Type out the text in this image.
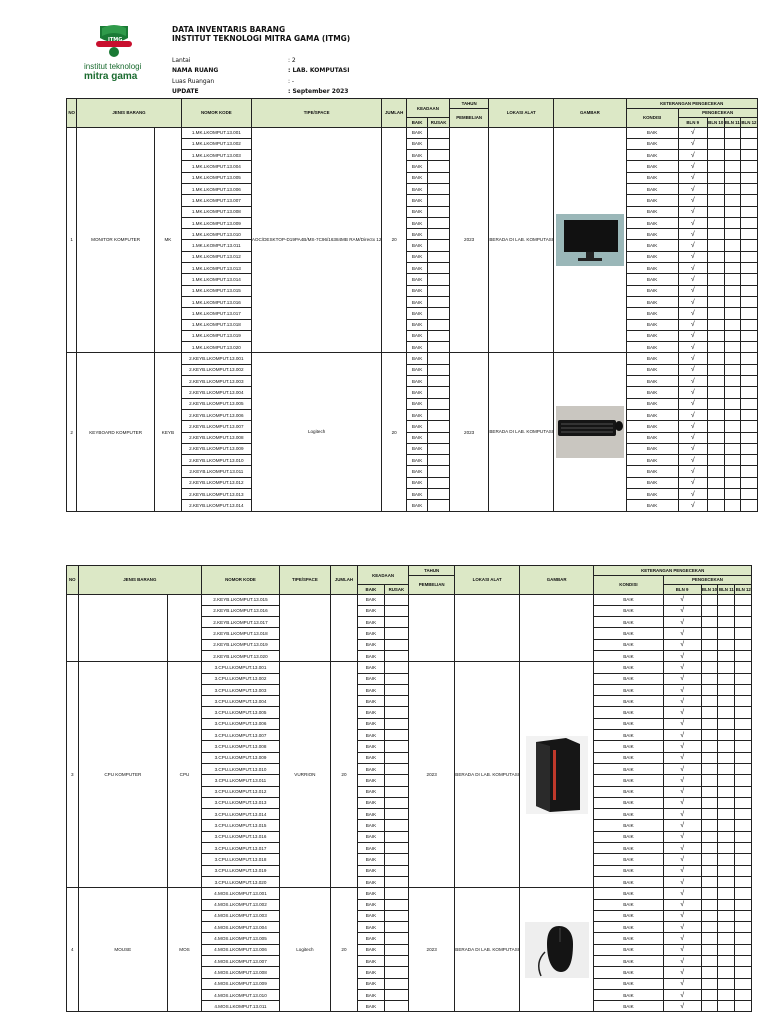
ITMG
institut teknologi
mitra gama
DATA INVENTARIS BARANG
INSTITUT TEKNOLOGI MITRA GAMA (ITMG)
Lantai	: 2
NAMA RUANG	: LAB. KOMPUTASI
Luas Ruangan	: -
UPDATE	: September 2023
NO	JENIS BARANG		NOMOR KODE	TIPE/SPACE	JUMLAH	KEADAAN		TAHUN	LOKASI ALAT	GAMBAR	KETERANGAN PENGECEKAN				
								PEMBELIAN			KONDISI	PENGECEKAN			
						BAIK	RUSAK					BLN 9	BLN 10	BLN 11	BLN 12
1	MONITOR KOMPUTER	MK	1.MK.LKOMPUT.13.001	AOC/DESKTOP-D19PA4B/MS-7C96/16384MB RAM/Directx 12	20	BAIK		2023	BERADA DI LAB. KOMPUTASI		BAIK	√			
			1.MK.LKOMPUT.13.002			BAIK					BAIK	√			
			1.MK.LKOMPUT.13.003			BAIK					BAIK	√			
			1.MK.LKOMPUT.13.004			BAIK					BAIK	√			
			1.MK.LKOMPUT.13.005			BAIK					BAIK	√			
			1.MK.LKOMPUT.13.006			BAIK					BAIK	√			
			1.MK.LKOMPUT.13.007			BAIK					BAIK	√			
			1.MK.LKOMPUT.13.008			BAIK					BAIK	√			
			1.MK.LKOMPUT.13.009			BAIK					BAIK	√			
			1.MK.LKOMPUT.13.010			BAIK					BAIK	√			
			1.MK.LKOMPUT.13.011			BAIK					BAIK	√			
			1.MK.LKOMPUT.13.012			BAIK					BAIK	√			
			1.MK.LKOMPUT.13.013			BAIK					BAIK	√			
			1.MK.LKOMPUT.13.014			BAIK					BAIK	√			
			1.MK.LKOMPUT.13.015			BAIK					BAIK	√			
			1.MK.LKOMPUT.13.016			BAIK					BAIK	√			
			1.MK.LKOMPUT.13.017			BAIK					BAIK	√			
			1.MK.LKOMPUT.13.018			BAIK					BAIK	√			
			1.MK.LKOMPUT.13.019			BAIK					BAIK	√			
			1.MK.LKOMPUT.13.020			BAIK					BAIK	√			
2	KEYBOARD KOMPUTER	KEYB	2.KEYB.LKOMPUT.13.001	Logitech	20	BAIK		2023	BERADA DI LAB. KOMPUTASI		BAIK	√			
			2.KEYB.LKOMPUT.13.002			BAIK					BAIK	√			
			2.KEYB.LKOMPUT.13.003			BAIK					BAIK	√			
			2.KEYB.LKOMPUT.13.004			BAIK					BAIK	√			
			2.KEYB.LKOMPUT.13.005			BAIK					BAIK	√			
			2.KEYB.LKOMPUT.13.006			BAIK					BAIK	√			
			2.KEYB.LKOMPUT.13.007			BAIK					BAIK	√			
			2.KEYB.LKOMPUT.13.008			BAIK					BAIK	√			
			2.KEYB.LKOMPUT.13.009			BAIK					BAIK	√			
			2.KEYB.LKOMPUT.13.010			BAIK					BAIK	√			
			2.KEYB.LKOMPUT.13.011			BAIK					BAIK	√			
			2.KEYB.LKOMPUT.13.012			BAIK					BAIK	√			
			2.KEYB.LKOMPUT.13.013			BAIK					BAIK	√			
			2.KEYB.LKOMPUT.13.014			BAIK					BAIK	√			
NO	JENIS BARANG		NOMOR KODE	TIPE/SPACE	JUMLAH	KEADAAN		TAHUN	LOKASI ALAT	GAMBAR	KETERANGAN PENGECEKAN				
								PEMBELIAN			KONDISI	PENGECEKAN			
						BAIK	RUSAK					BLN 9	BLN 10	BLN 11	BLN 12
			2.KEYB.LKOMPUT.13.015			BAIK					BAIK	√			
			2.KEYB.LKOMPUT.13.016			BAIK					BAIK	√			
			2.KEYB.LKOMPUT.13.017			BAIK					BAIK	√			
			2.KEYB.LKOMPUT.13.018			BAIK					BAIK	√			
			2.KEYB.LKOMPUT.13.019			BAIK					BAIK	√			
			2.KEYB.LKOMPUT.13.020			BAIK					BAIK	√			
3	CPU KOMPUTER	CPU	3.CPU.LKOMPUT.13.001	VURRION	20	BAIK		2023	BERADA DI LAB. KOMPUTASI		BAIK	√			
			3.CPU.LKOMPUT.13.002			BAIK					BAIK	√			
			3.CPU.LKOMPUT.13.003			BAIK					BAIK	√			
			3.CPU.LKOMPUT.13.004			BAIK					BAIK	√			
			3.CPU.LKOMPUT.13.005			BAIK					BAIK	√			
			3.CPU.LKOMPUT.13.006			BAIK					BAIK	√			
			3.CPU.LKOMPUT.13.007			BAIK					BAIK	√			
			3.CPU.LKOMPUT.13.008			BAIK					BAIK	√			
			3.CPU.LKOMPUT.13.009			BAIK					BAIK	√			
			3.CPU.LKOMPUT.13.010			BAIK					BAIK	√			
			3.CPU.LKOMPUT.13.011			BAIK					BAIK	√			
			3.CPU.LKOMPUT.13.012			BAIK					BAIK	√			
			3.CPU.LKOMPUT.13.013			BAIK					BAIK	√			
			3.CPU.LKOMPUT.13.014			BAIK					BAIK	√			
			3.CPU.LKOMPUT.13.015			BAIK					BAIK	√			
			3.CPU.LKOMPUT.13.016			BAIK					BAIK	√			
			3.CPU.LKOMPUT.13.017			BAIK					BAIK	√			
			3.CPU.LKOMPUT.13.018			BAIK					BAIK	√			
			3.CPU.LKOMPUT.13.019			BAIK					BAIK	√			
			3.CPU.LKOMPUT.13.020			BAIK					BAIK	√			
4	MOUSE	MOS	4.MOS.LKOMPUT.13.001	Logitech	20	BAIK		2023	BERADA DI LAB. KOMPUTASI		BAIK	√			
			4.MOS.LKOMPUT.13.002			BAIK					BAIK	√			
			4.MOS.LKOMPUT.13.003			BAIK					BAIK	√			
			4.MOS.LKOMPUT.13.004			BAIK					BAIK	√			
			4.MOS.LKOMPUT.13.005			BAIK					BAIK	√			
			4.MOS.LKOMPUT.13.006			BAIK					BAIK	√			
			4.MOS.LKOMPUT.13.007			BAIK					BAIK	√			
			4.MOS.LKOMPUT.13.008			BAIK					BAIK	√			
			4.MOS.LKOMPUT.13.009			BAIK					BAIK	√			
			4.MOS.LKOMPUT.13.010			BAIK					BAIK	√			
			4.MOS.LKOMPUT.13.011			BAIK					BAIK	√			
